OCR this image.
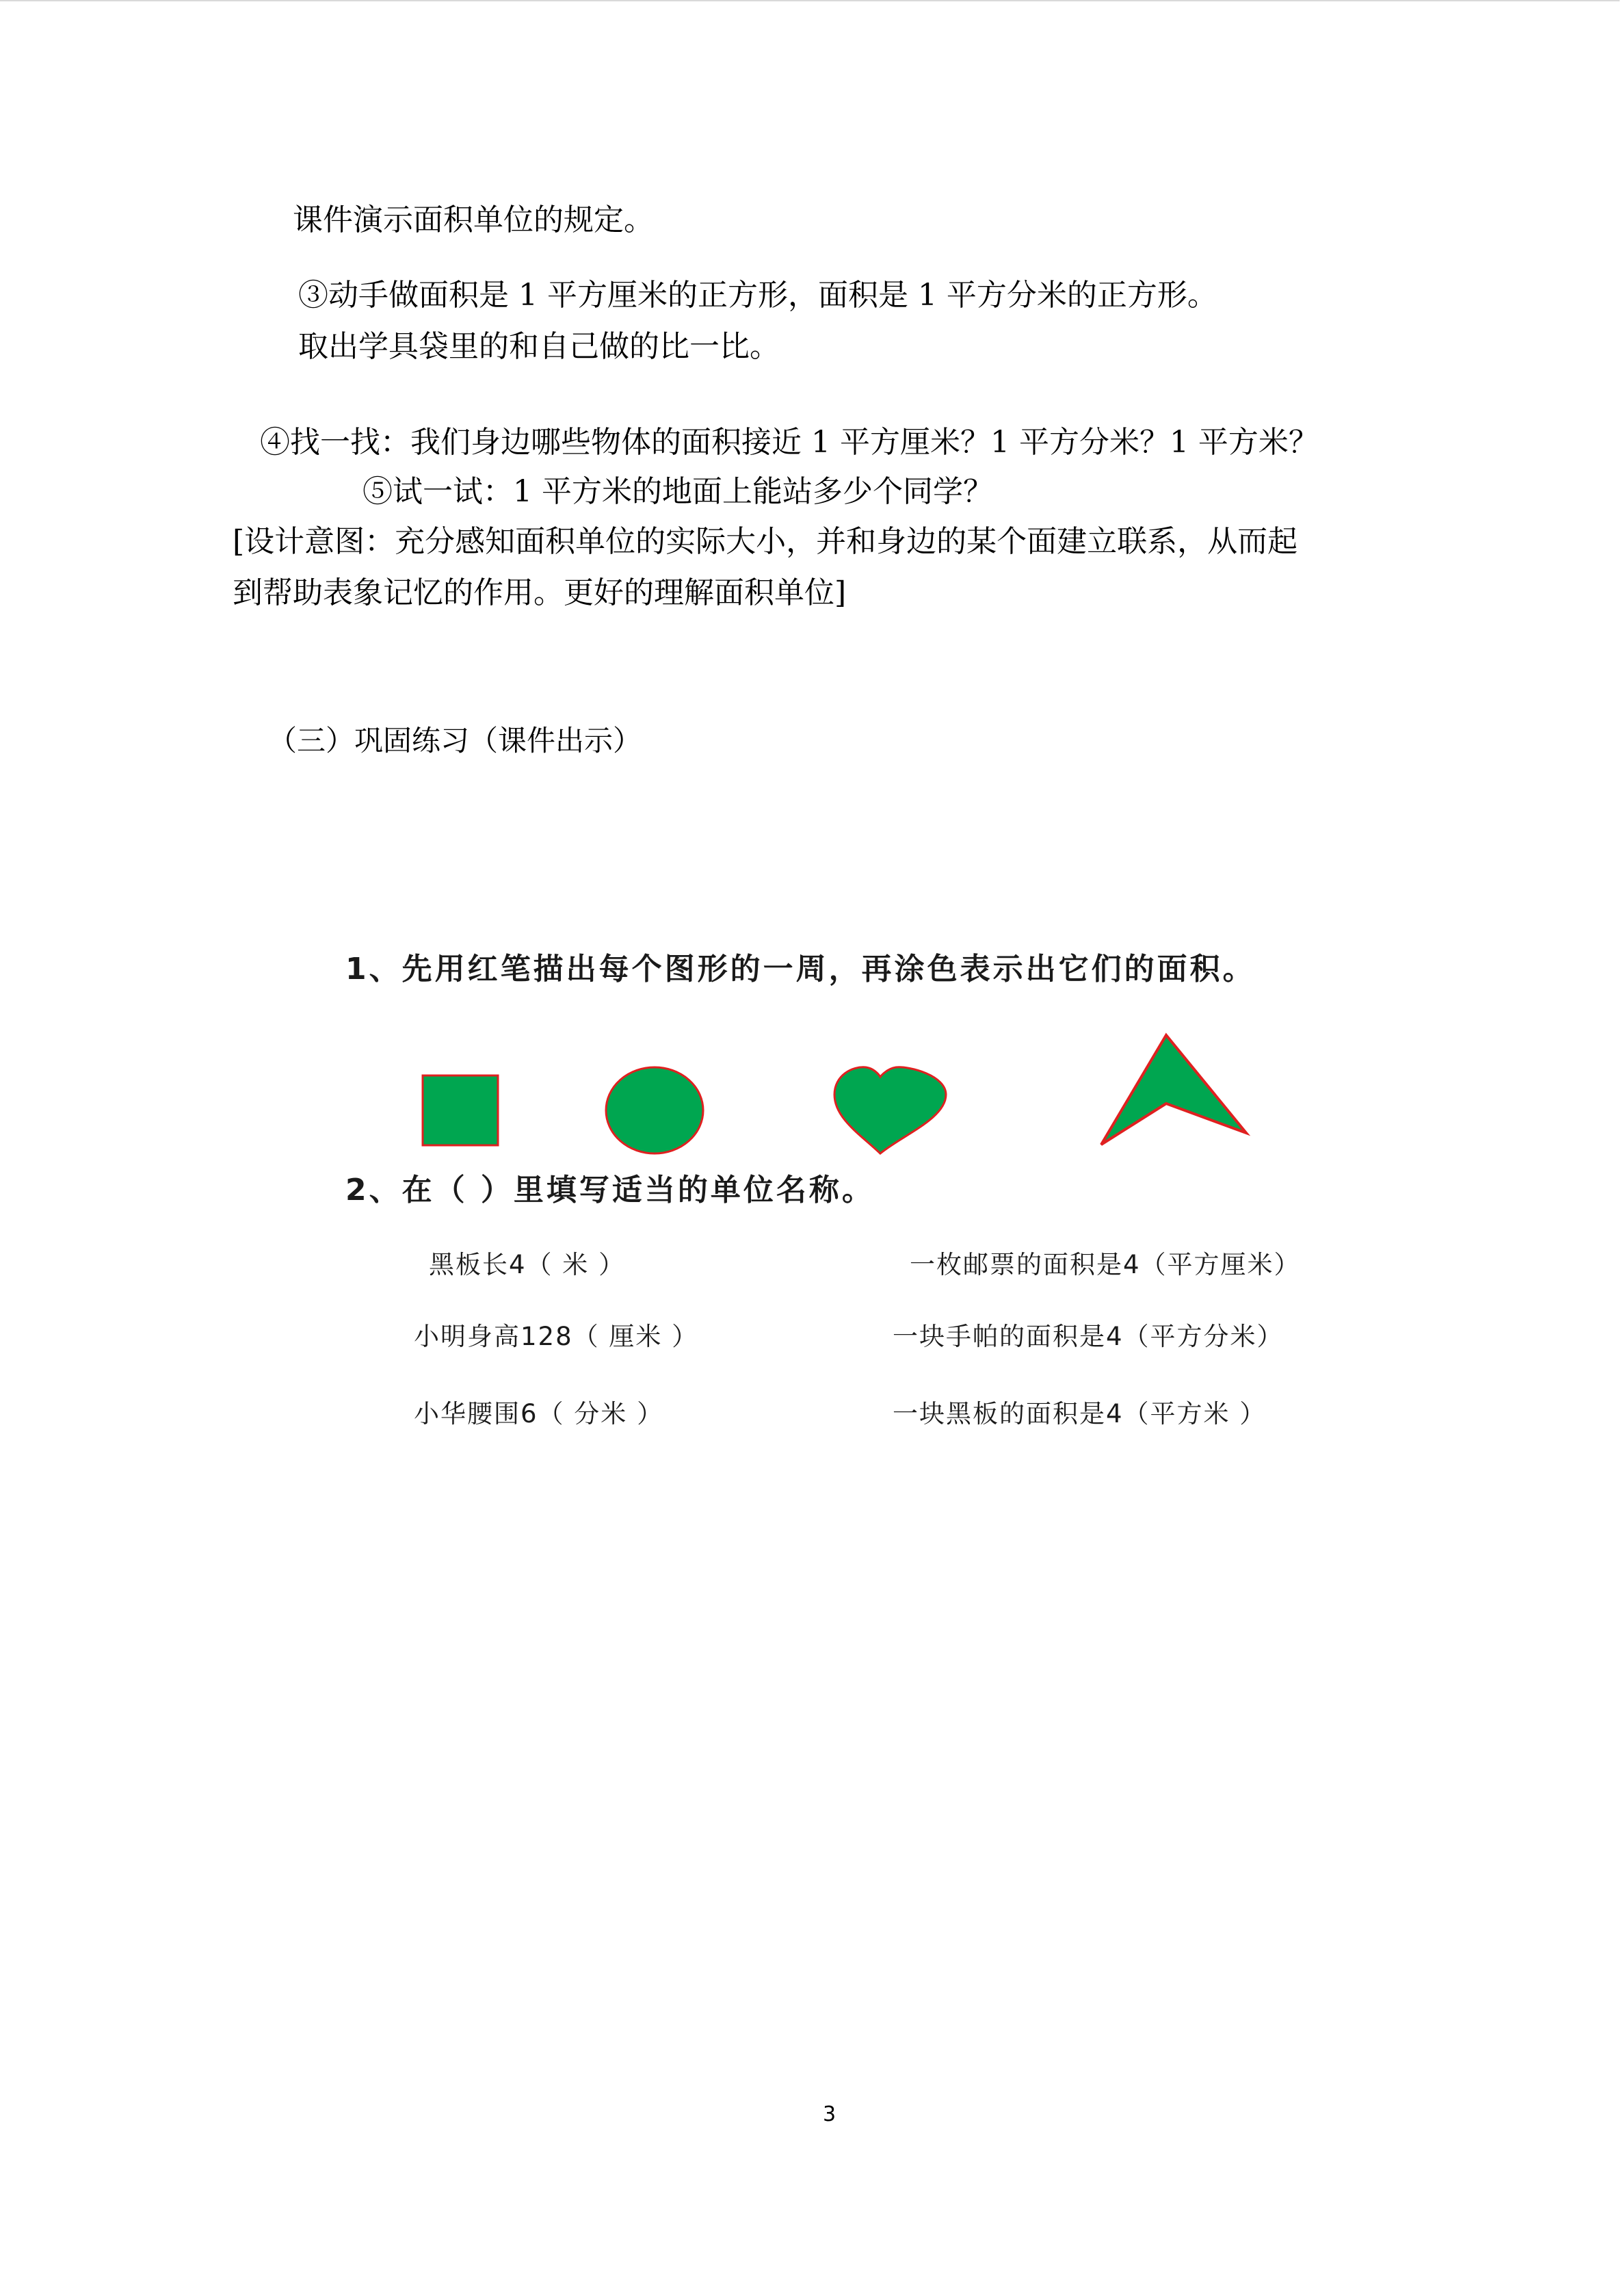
课件演示面积单位的规定。
③动手做面积是 1 平方厘米的正方形，面积是 1 平方分米的正方形。
取出学具袋里的和自己做的比一比。
④找一找：我们身边哪些物体的面积接近 1 平方厘米？1 平方分米？1 平方米？
⑤试一试：1 平方米的地面上能站多少个同学？
[设计意图：充分感知面积单位的实际大小，并和身边的某个面建立联系，从而起
到帮助表象记忆的作用。更好的理解面积单位]
（三）巩固练习（课件出示）
1、先用红笔描出每个图形的一周，再涂色表示出它们的面积。
2、在（ ）里填写适当的单位名称。
黑板长4（ 米 ）
小明身高128（ 厘米 ）
小华腰围6（ 分米 ）
一枚邮票的面积是4（平方厘米）
一块手帕的面积是4（平方分米）
一块黑板的面积是4（平方米 ）
3
